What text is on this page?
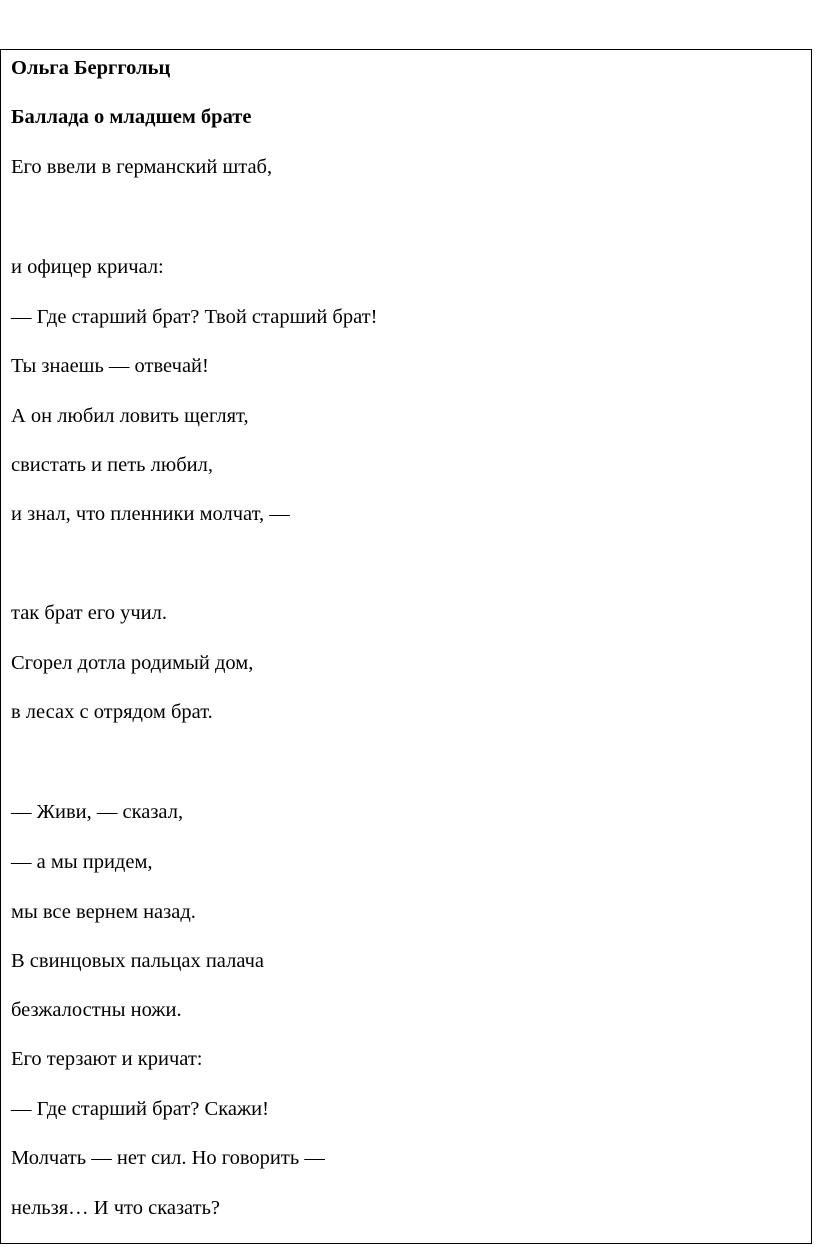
Ольга Берггольц
Баллада о младшем брате
Его ввели в германский штаб,
и офицер кричал:
— Где старший брат? Твой старший брат!
Ты знаешь — отвечай!
А он любил ловить щеглят,
свистать и петь любил,
и знал, что пленники молчат, —
так брат его учил.
Сгорел дотла родимый дом,
в лесах с отрядом брат.
— Живи, — сказал,
— а мы придем,
мы все вернем назад.
В свинцовых пальцах палача
безжалостны ножи.
Его терзают и кричат:
— Где старший брат? Скажи!
Молчать — нет сил. Но говорить —
нельзя… И что сказать?
